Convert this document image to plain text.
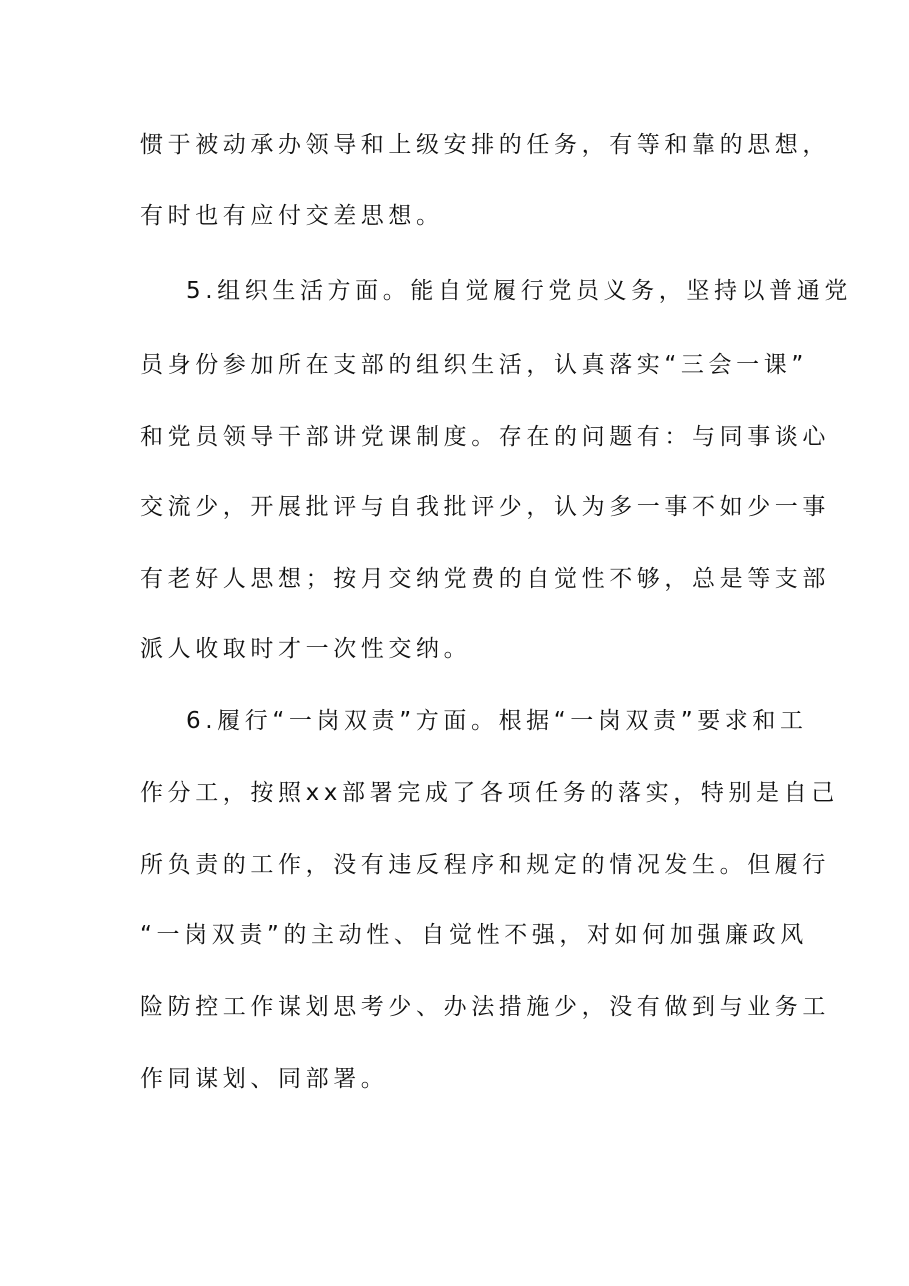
惯于被动承办领导和上级安排的任务，有等和靠的思想，
有时也有应付交差思想。
5.组织生活方面。能自觉履行党员义务，坚持以普通党
员身份参加所在支部的组织生活，认真落实“三会一课”
和党员领导干部讲党课制度。存在的问题有：与同事谈心
交流少，开展批评与自我批评少，认为多一事不如少一事
有老好人思想；按月交纳党费的自觉性不够，总是等支部
派人收取时才一次性交纳。
6.履行“一岗双责”方面。根据“一岗双责”要求和工
作分工，按照xx部署完成了各项任务的落实，特别是自己
所负责的工作，没有违反程序和规定的情况发生。但履行
“一岗双责”的主动性、自觉性不强，对如何加强廉政风
险防控工作谋划思考少、办法措施少，没有做到与业务工
作同谋划、同部署。
